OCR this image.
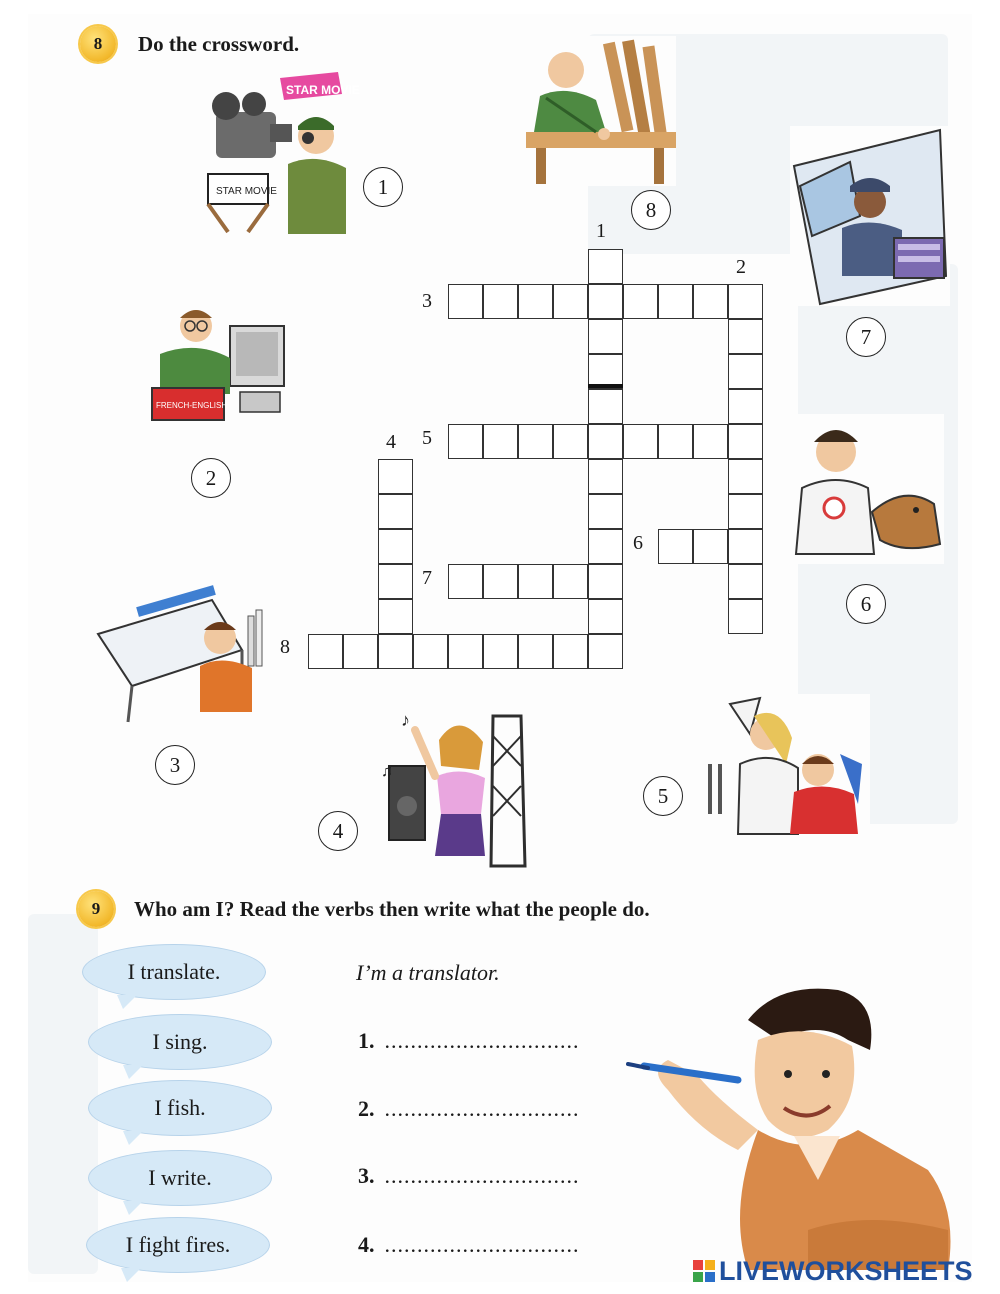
8 Do the crossword.
STAR MOVIE
STAR MOVIE	1
8
7
FRENCH-ENGLISH
2
6
3
♪
♫
4
5
1
2
3
4 5
6
7
8
9 Who am I? Read the verbs then write what the people do.
I translate.	I’m a translator.
I sing.	1. ..............................
I fish.	2. ..............................
I write.	3. ..............................
I fight fires.	4. ..............................
LIVEWORKSHEETS
